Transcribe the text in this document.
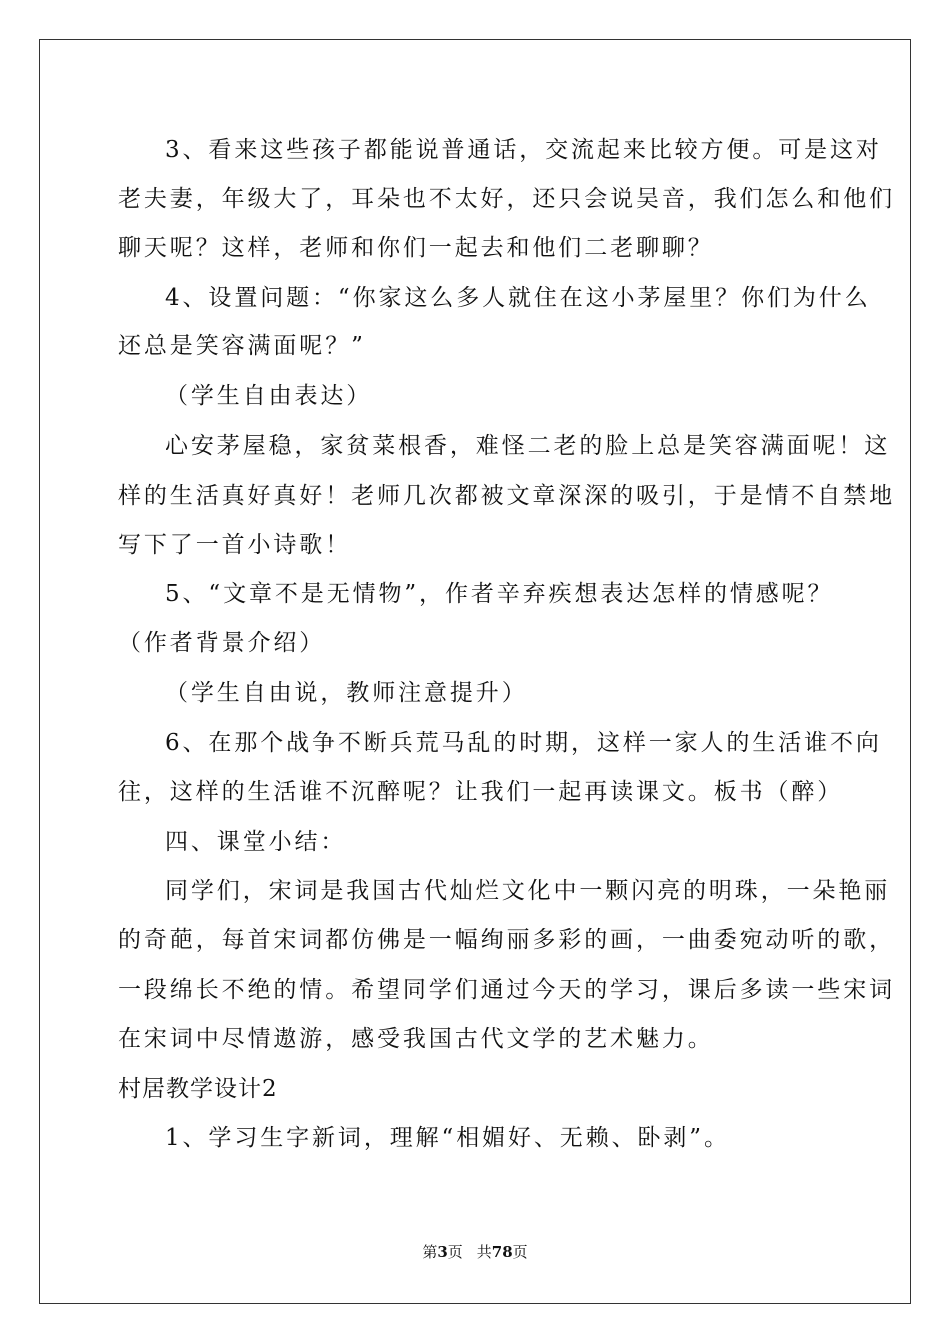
3、看来这些孩子都能说普通话，交流起来比较方便。可是这对

老夫妻，年级大了，耳朵也不太好，还只会说吴音，我们怎么和他们

聊天呢？这样，老师和你们一起去和他们二老聊聊？

4、设置问题：“你家这么多人就住在这小茅屋里？你们为什么

还总是笑容满面呢？”

（学生自由表达）

心安茅屋稳，家贫菜根香，难怪二老的脸上总是笑容满面呢！这

样的生活真好真好！老师几次都被文章深深的吸引，于是情不自禁地

写下了一首小诗歌！

5、“文章不是无情物”，作者辛弃疾想表达怎样的情感呢？

（作者背景介绍）

（学生自由说，教师注意提升）

6、在那个战争不断兵荒马乱的时期，这样一家人的生活谁不向

往，这样的生活谁不沉醉呢？让我们一起再读课文。板书（醉）

四、课堂小结：

同学们，宋词是我国古代灿烂文化中一颗闪亮的明珠，一朵艳丽

的奇葩，每首宋词都仿佛是一幅绚丽多彩的画，一曲委宛动听的歌，

一段绵长不绝的情。希望同学们通过今天的学习，课后多读一些宋词

在宋词中尽情遨游，感受我国古代文学的艺术魅力。

村居教学设计2

1、学习生字新词，理解“相媚好、无赖、卧剥”。

第3页 共78页
